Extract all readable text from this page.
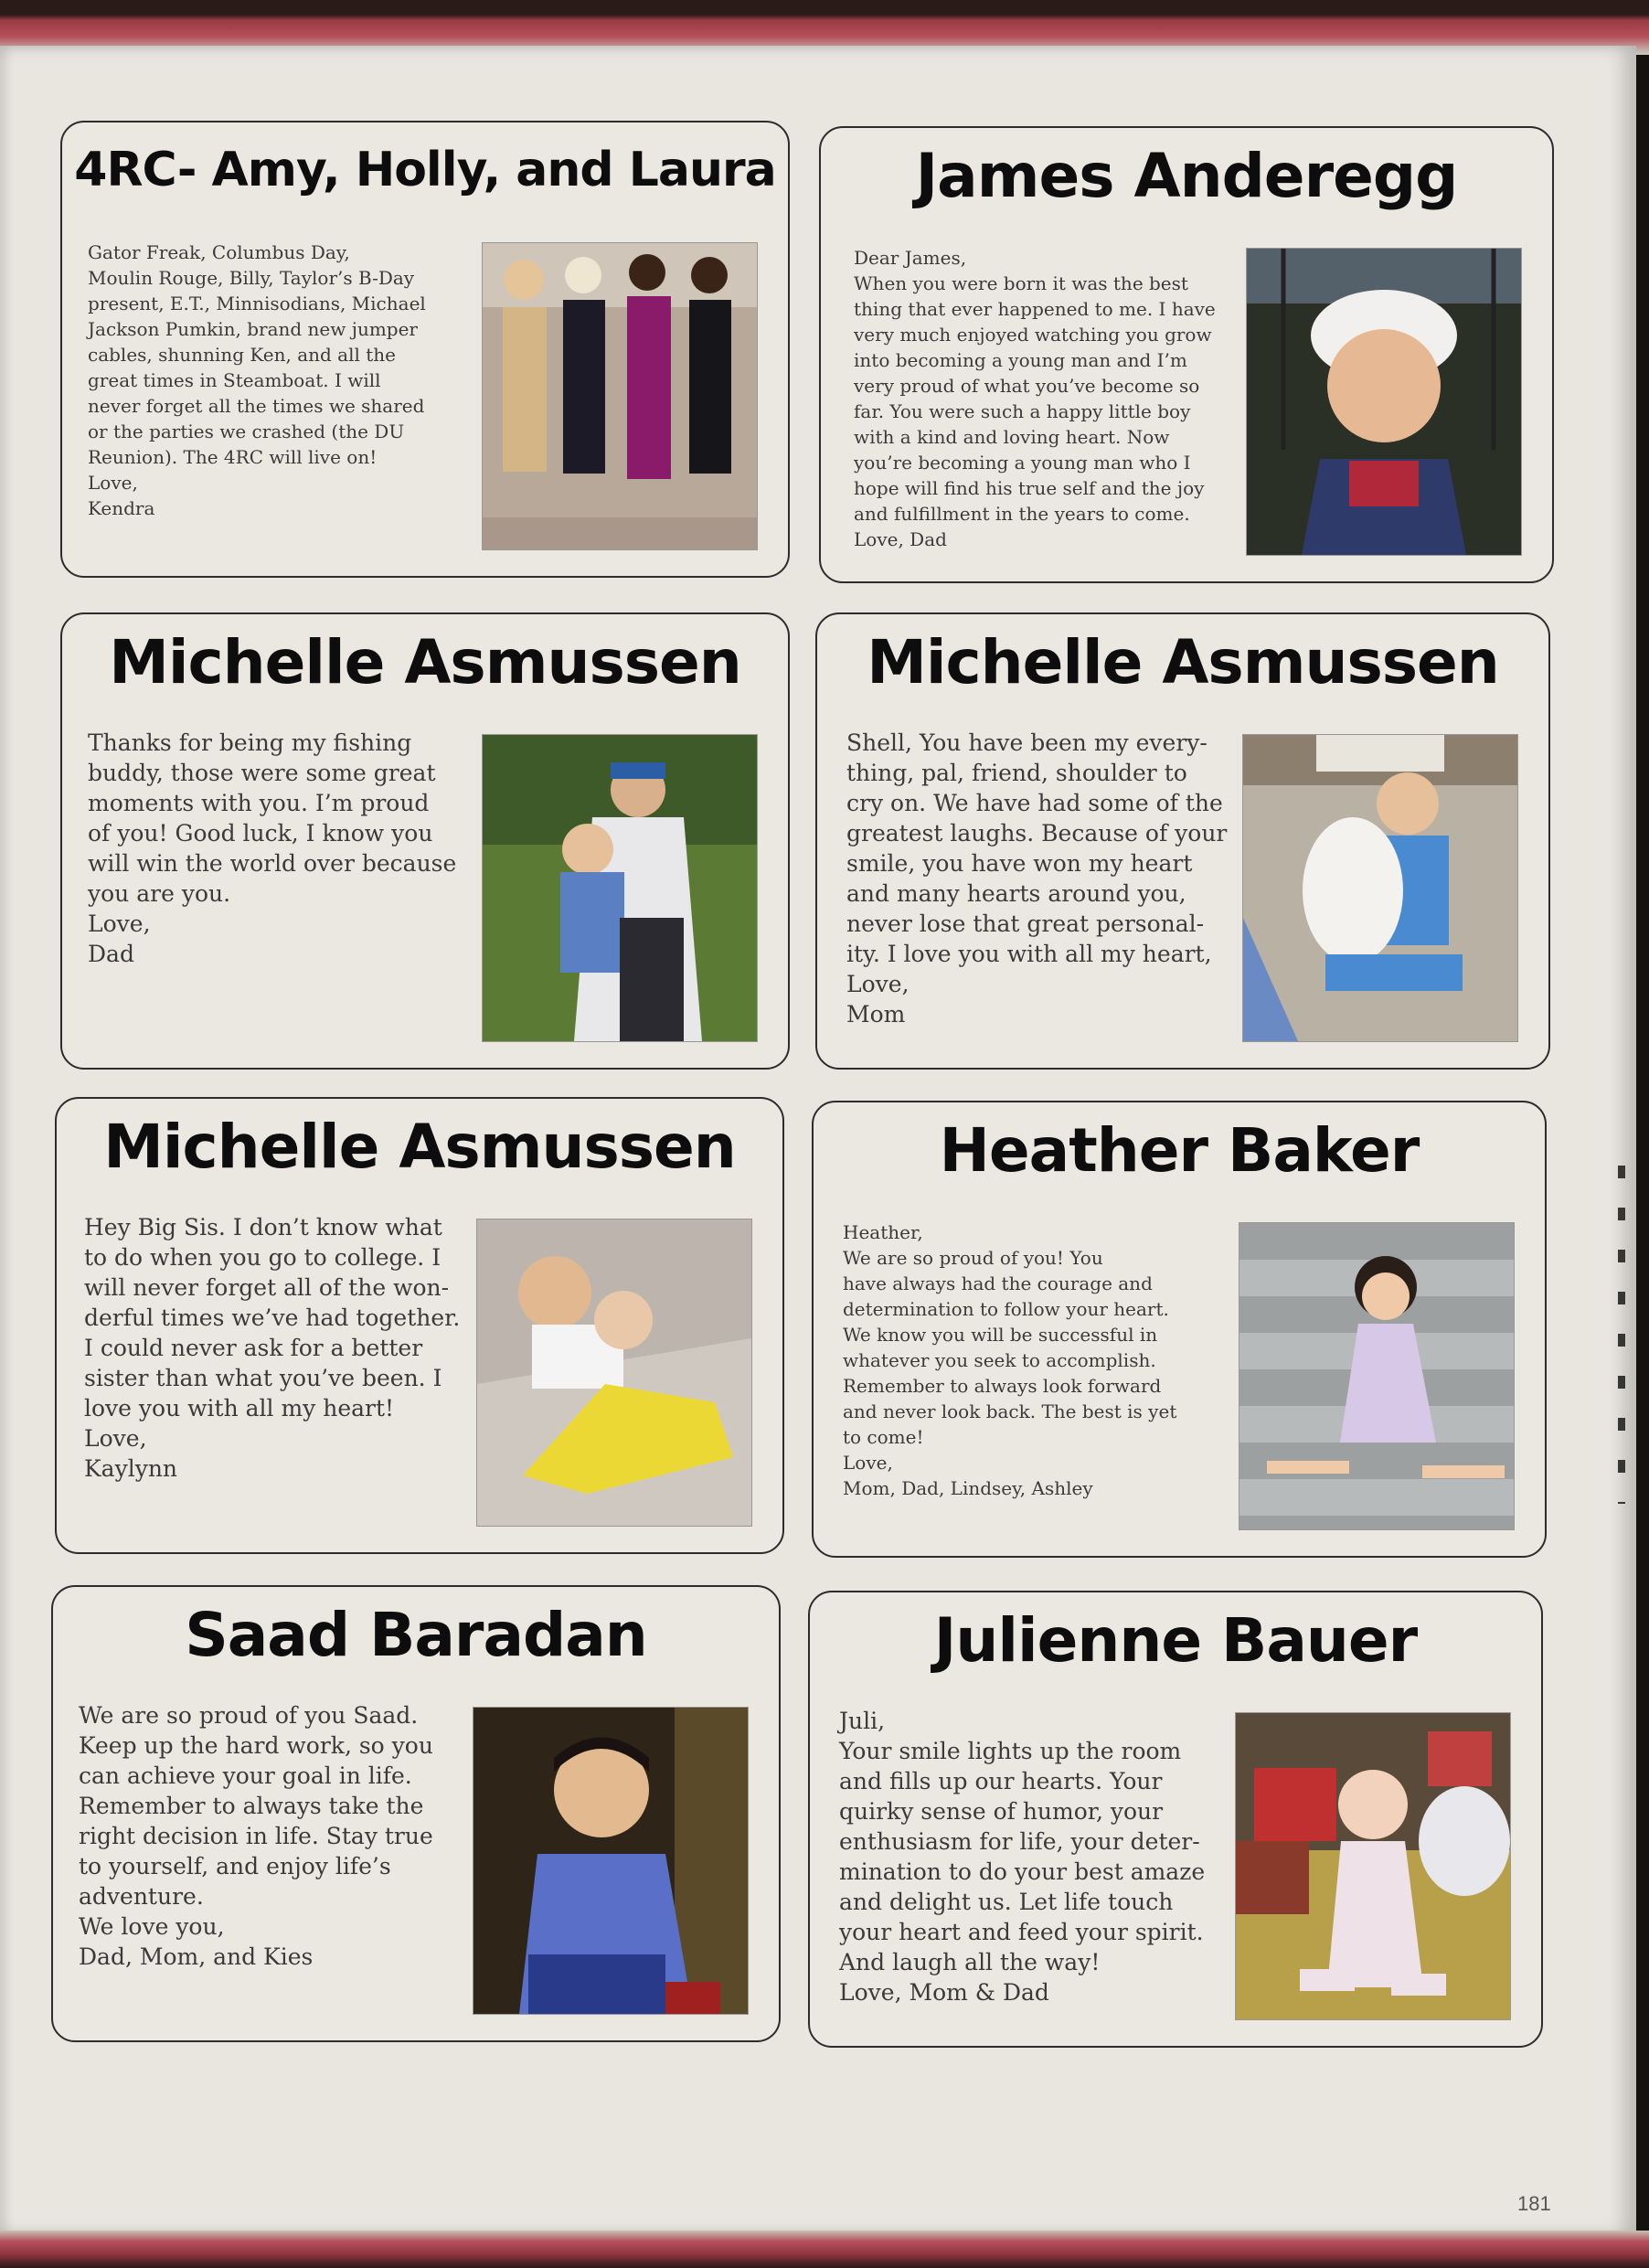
4RC- Amy, Holly, and Laura
Gator Freak, Columbus Day,
Moulin Rouge, Billy, Taylor’s B-Day
present, E.T., Minnisodians, Michael
Jackson Pumkin, brand new jumper
cables, shunning Ken, and all the
great times in Steamboat. I will
never forget all the times we shared
or the parties we crashed (the DU
Reunion). The 4RC will live on!
Love,
Kendra
James Anderegg
Dear James,
When you were born it was the best
thing that ever happened to me. I have
very much enjoyed watching you grow
into becoming a young man and I’m
very proud of what you’ve become so
far. You were such a happy little boy
with a kind and loving heart. Now
you’re becoming a young man who I
hope will find his true self and the joy
and fulfillment in the years to come.
Love, Dad
Michelle Asmussen
Thanks for being my fishing
buddy, those were some great
moments with you. I’m proud
of you! Good luck, I know you
will win the world over because
you are you.
Love,
Dad
Michelle Asmussen
Shell, You have been my every-
thing, pal, friend, shoulder to
cry on. We have had some of the
greatest laughs. Because of your
smile, you have won my heart
and many hearts around you,
never lose that great personal-
ity. I love you with all my heart,
Love,
Mom
Michelle Asmussen
Hey Big Sis. I don’t know what
to do when you go to college. I
will never forget all of the won-
derful times we’ve had together.
I could never ask for a better
sister than what you’ve been. I
love you with all my heart!
Love,
Kaylynn
Heather Baker
Heather,
We are so proud of you! You
have always had the courage and
determination to follow your heart.
We know you will be successful in
whatever you seek to accomplish.
Remember to always look forward
and never look back. The best is yet
to come!
Love,
Mom, Dad, Lindsey, Ashley
Saad Baradan
We are so proud of you Saad.
Keep up the hard work, so you
can achieve your goal in life.
Remember to always take the
right decision in life. Stay true
to yourself, and enjoy life’s
adventure.
We love you,
Dad, Mom, and Kies
Julienne Bauer
Juli,
Your smile lights up the room
and fills up our hearts. Your
quirky sense of humor, your
enthusiasm for life, your deter-
mination to do your best amaze
and delight us. Let life touch
your heart and feed your spirit.
And laugh all the way!
Love, Mom & Dad
181
